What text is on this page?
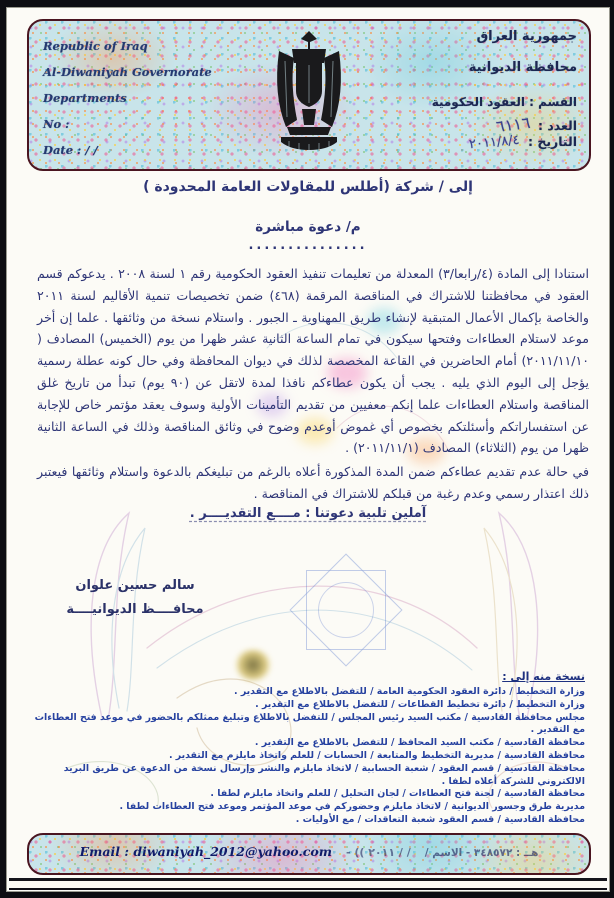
Republic of Iraq
Al-Diwaniyah Governorate
Departments
No :
Date : / /
جمهورية العراق
محافظة الديوانية
القسم : العقود الحكومية
العدد :
٦١١٦
التاريخ :
٢٠١١/٨/٤
إلى / شركة (أطلس للمقاولات العامة المحدودة )
م/ دعوة مباشرة
...............

استنادا إلى المادة (٤/رابعا/٣) المعدلة من تعليمات تنفيذ العقود الحكومية رقم ١ لسنة ٢٠٠٨ . يدعوكم قسم العقود في محافظتنا للاشتراك في المناقصة المرقمة (٤٦٨) ضمن تخصيصات تنمية الأقاليم لسنة ٢٠١١ والخاصة بإكمال الأعمال المتبقية لإنشاء طريق المهناوية ـ الجبور . واستلام نسخة من وثائقها . علما إن أخر موعد لاستلام العطاءات وفتحها سيكون في تمام الساعة الثانية عشر ظهرا من يوم (الخميس) المصادف ( ٢٠١١/١١/١٠) أمام الحاضرين في القاعة المخصصة لذلك في ديوان المحافظة وفي حال كونه عطلة رسمية يؤجل إلى اليوم الذي يليه . يجب أن يكون عطاءكم نافذا لمدة لاتقل عن (٩٠ يوم) تبدأ من تاريخ غلق المناقصة واستلام العطاءات علما إنكم معفيين من تقديم التأمينات الأولية وسوف يعقد مؤتمر خاص للإجابة عن استفساراتكم وأسئلتكم بخصوص أي غموض أوعدم وضوح في وثائق المناقصة وذلك في الساعة الثانية ظهرا من يوم (الثلاثاء) المصادف (٢٠١١/١١/١) .

في حالة عدم تقديم عطاءكم ضمن المدة المذكورة أعلاه بالرغم من تبليغكم بالدعوة واستلام وثائقها فيعتبر ذلك اعتذار رسمي وعدم رغبة من قبلكم للاشتراك في المناقصة .

آملين تلبية دعوتنا : مــــع التقديــــر .
سالم حسين علوان
محافــــظ الديوانيــــة
نسخة منه إلى :
وزارة التخطيط / دائرة العقود الحكومية العامة / للتفضل بالاطلاع مع التقدير .
وزارة التخطيط / دائرة تخطيط القطاعات / للتفضل بالاطلاع مع التقدير .
مجلس محافظة القادسية / مكتب السيد رئيس المجلس / للتفضل بالاطلاع وتبليغ ممثلكم بالحضور في موعد فتح العطاءات مع التقدير .
محافظة القادسية / مكتب السيد المحافظ / للتفضل بالاطلاع مع التقدير .
محافظة القادسية / مديرية التخطيط والمتابعة / الحسابات / للعلم واتخاذ مايلزم مع التقدير .
محافظة القادسية / قسم العقود / شعبة الحسابية / لاتخاذ مايلزم والنشر وإرسال نسخة من الدعوة عن طريق البريد الالكتروني للشركة أعلاه لطفا .
محافظة القادسية / لجنة فتح العطاءات / لجان التحليل / للعلم واتخاذ مايلزم لطفا .
مديرية طرق وجسور الديوانية / لاتخاذ مايلزم وحضوركم في موعد المؤتمر وموعد فتح العطاءات لطفا .
محافظة القادسية / قسم العقود شعبة التعاقدات / مع الأوليات .
Email : diwaniyah_2012@yahoo.com - (( ٢٠١١ / / هــ : ٣٤٨٥٧٢ - الاسم /
